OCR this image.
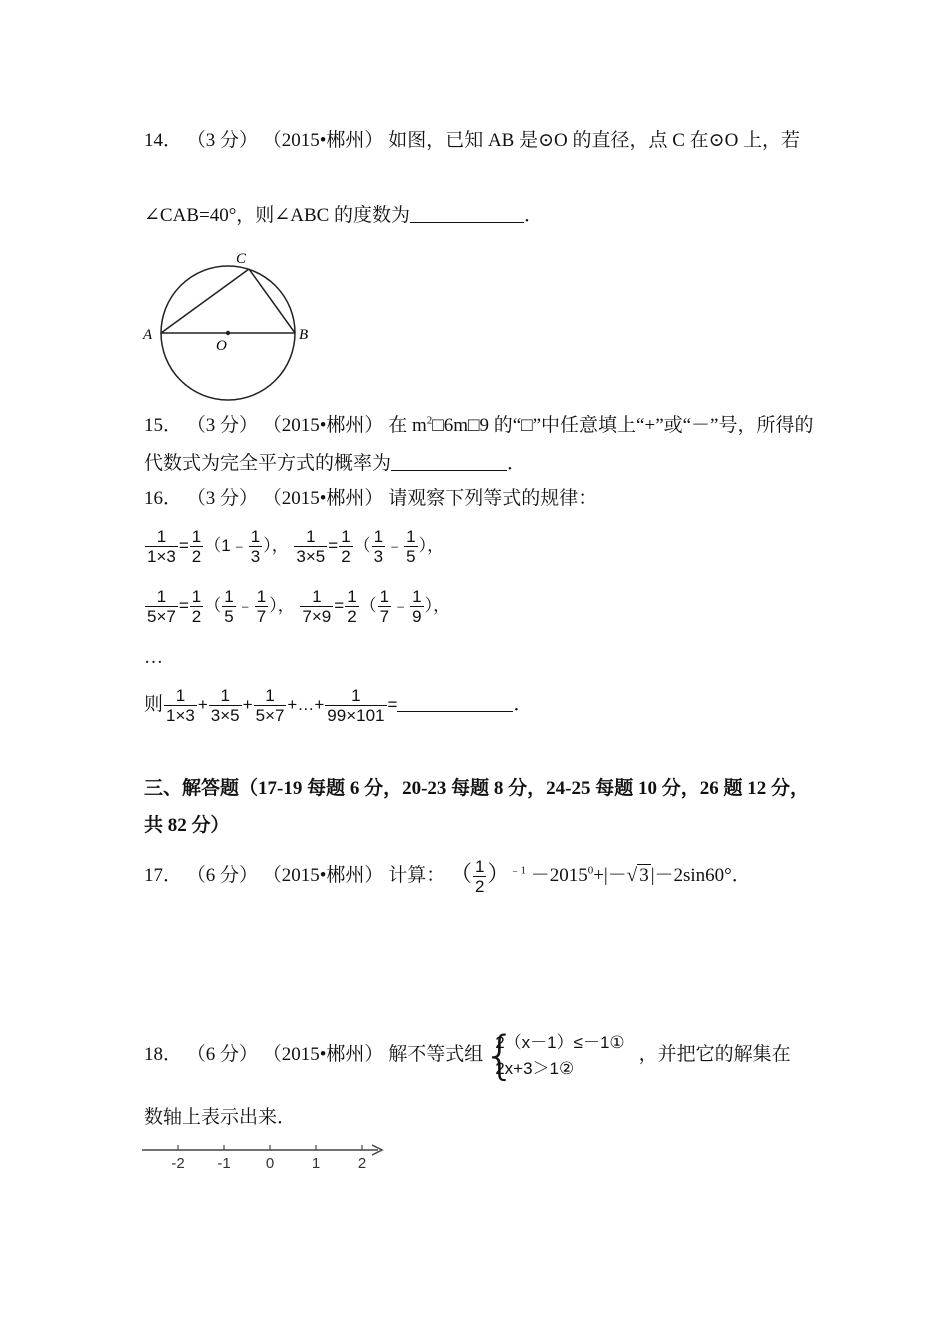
14． （3 分） （2015•郴州） 如图，已知 AB 是⊙O 的直径，点 C 在⊙O 上，若
∠CAB=40°，则∠ABC 的度数为	．
A	B
C
O
15． （3 分） （2015•郴州） 在 $m^2□6m□9$ 的“□”中任意填上“+”或“－”号，所得的
代数式为完全平方式的概率为	．
16． （3 分） （2015•郴州） 请观察下列等式的规律：
$\frac{1}{1\times 3} = \frac{1}{2}$ （1﹣ $\frac{1}{3}$ ）， $\frac{1}{3\times 5} = \frac{1}{2}$ （ $\frac{1}{3}$ ﹣ $\frac{1}{5}$ ），
$\frac{1}{5\times 7} = \frac{1}{2}$ （ $\frac{1}{5}$ ﹣ $\frac{1}{7}$ ）， $\frac{1}{7\times 9} = \frac{1}{2}$ （ $\frac{1}{7}$ ﹣ $\frac{1}{9}$ ），
…
则 $\frac{1}{1\times 3} + \frac{1}{3\times 5} + \frac{1}{5\times 7}$ +…+ $\frac{1}{99\times 101}$ =	．
三、解答题（17-19 每题 6 分，20-23 每题 8 分，24-25 每题 10 分，26 题 12 分，
共 82 分）
17． （6 分） （2015•郴州） 计算： （ $\frac{1}{2} )^{﹣1} -2015^0+|-√$ 3 |－2sin60°．
18． （6 分） （2015•郴州） 解不等式组 {
2（x－1）≤－1①
2x+3＞1②
，并把它的解集在
数轴上表示出来．
-2 -1 0	1	2
